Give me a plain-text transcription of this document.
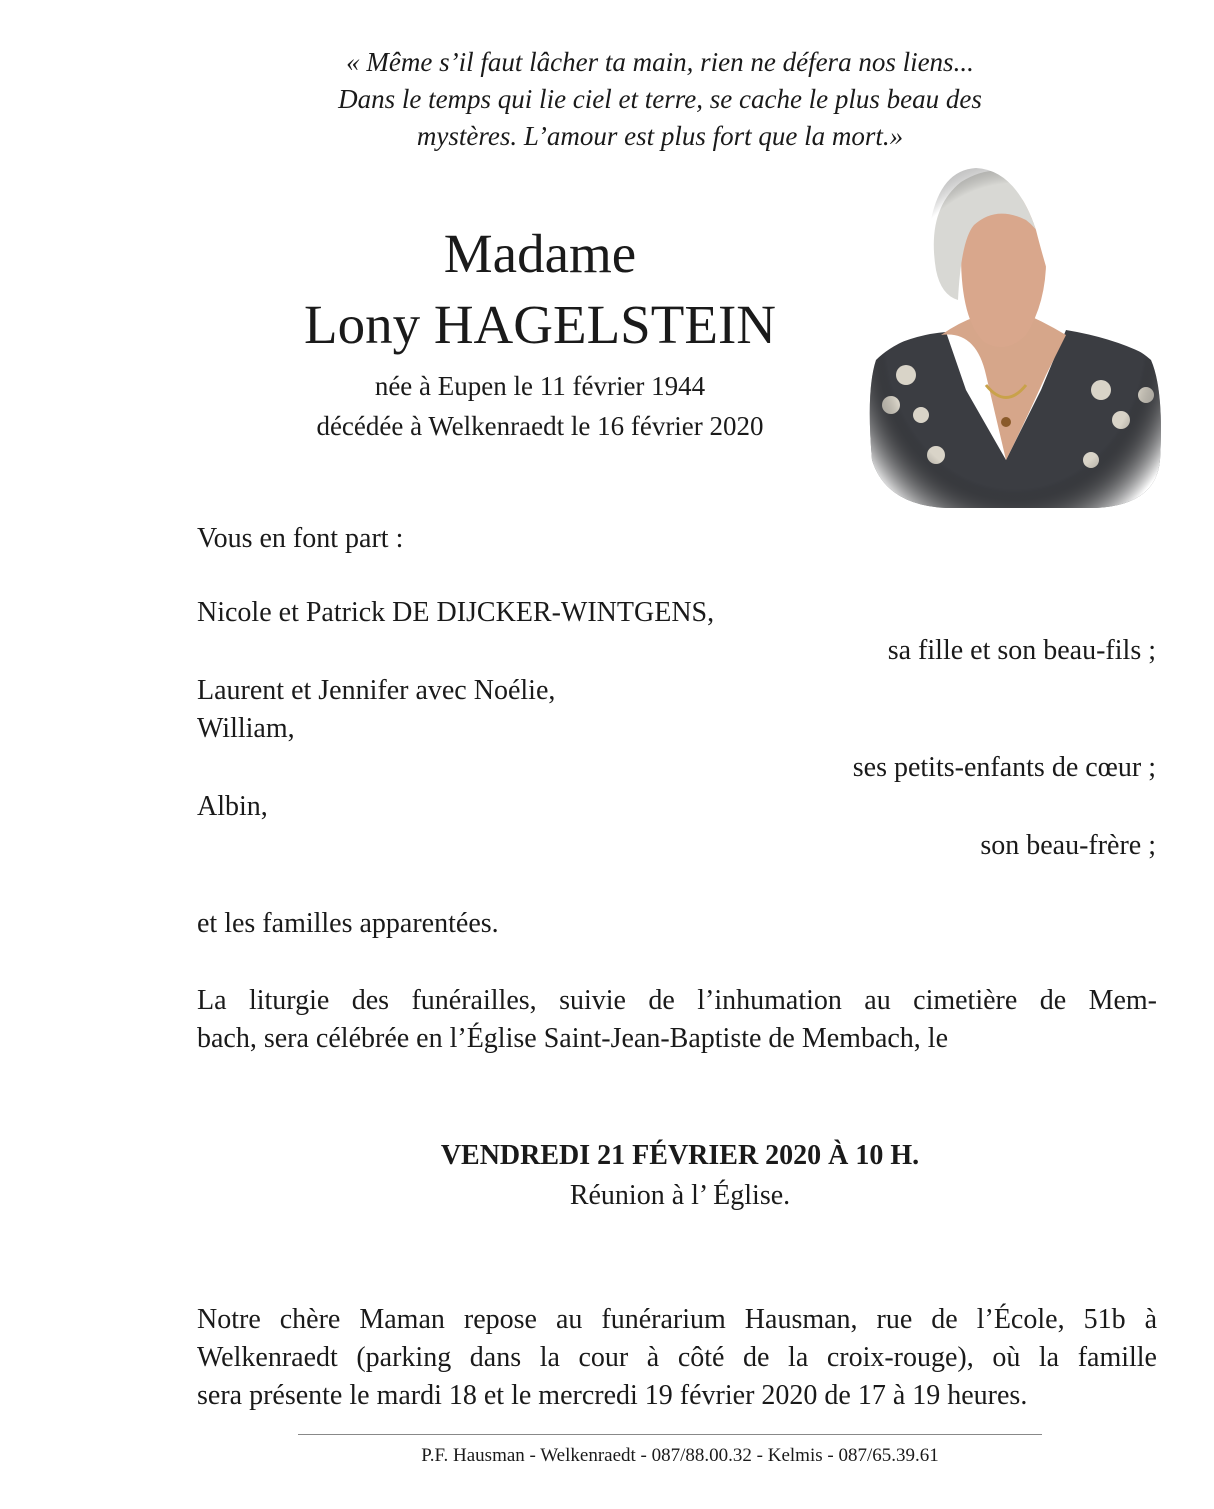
« Même s’il faut lâcher ta main, rien ne défera nos liens...
Dans le temps qui lie ciel et terre, se cache le plus beau des
mystères. L’amour est plus fort que la mort.»
Madame
Lony HAGELSTEIN
née à Eupen le 11 février 1944
décédée à Welkenraedt le 16 février 2020
Vous en font part :
Nicole et Patrick DE DIJCKER-WINTGENS,
sa fille et son beau-fils ;
Laurent et Jennifer avec Noélie,
William,
ses petits-enfants de cœur ;
Albin,
son beau-frère ;
et les familles apparentées.
La liturgie des funérailles, suivie de l’inhumation au cimetière de Mem-
bach, sera célébrée en l’Église Saint-Jean-Baptiste de Membach, le
VENDREDI 21 FÉVRIER 2020 À 10 H.
Réunion à l’ Église.
Notre chère Maman repose au funérarium Hausman, rue de l’École, 51b à
Welkenraedt (parking dans la cour à côté de la croix-rouge), où la famille
sera présente le mardi 18 et le mercredi 19 février 2020 de 17 à 19 heures.
P.F. Hausman - Welkenraedt - 087/88.00.32 - Kelmis - 087/65.39.61
